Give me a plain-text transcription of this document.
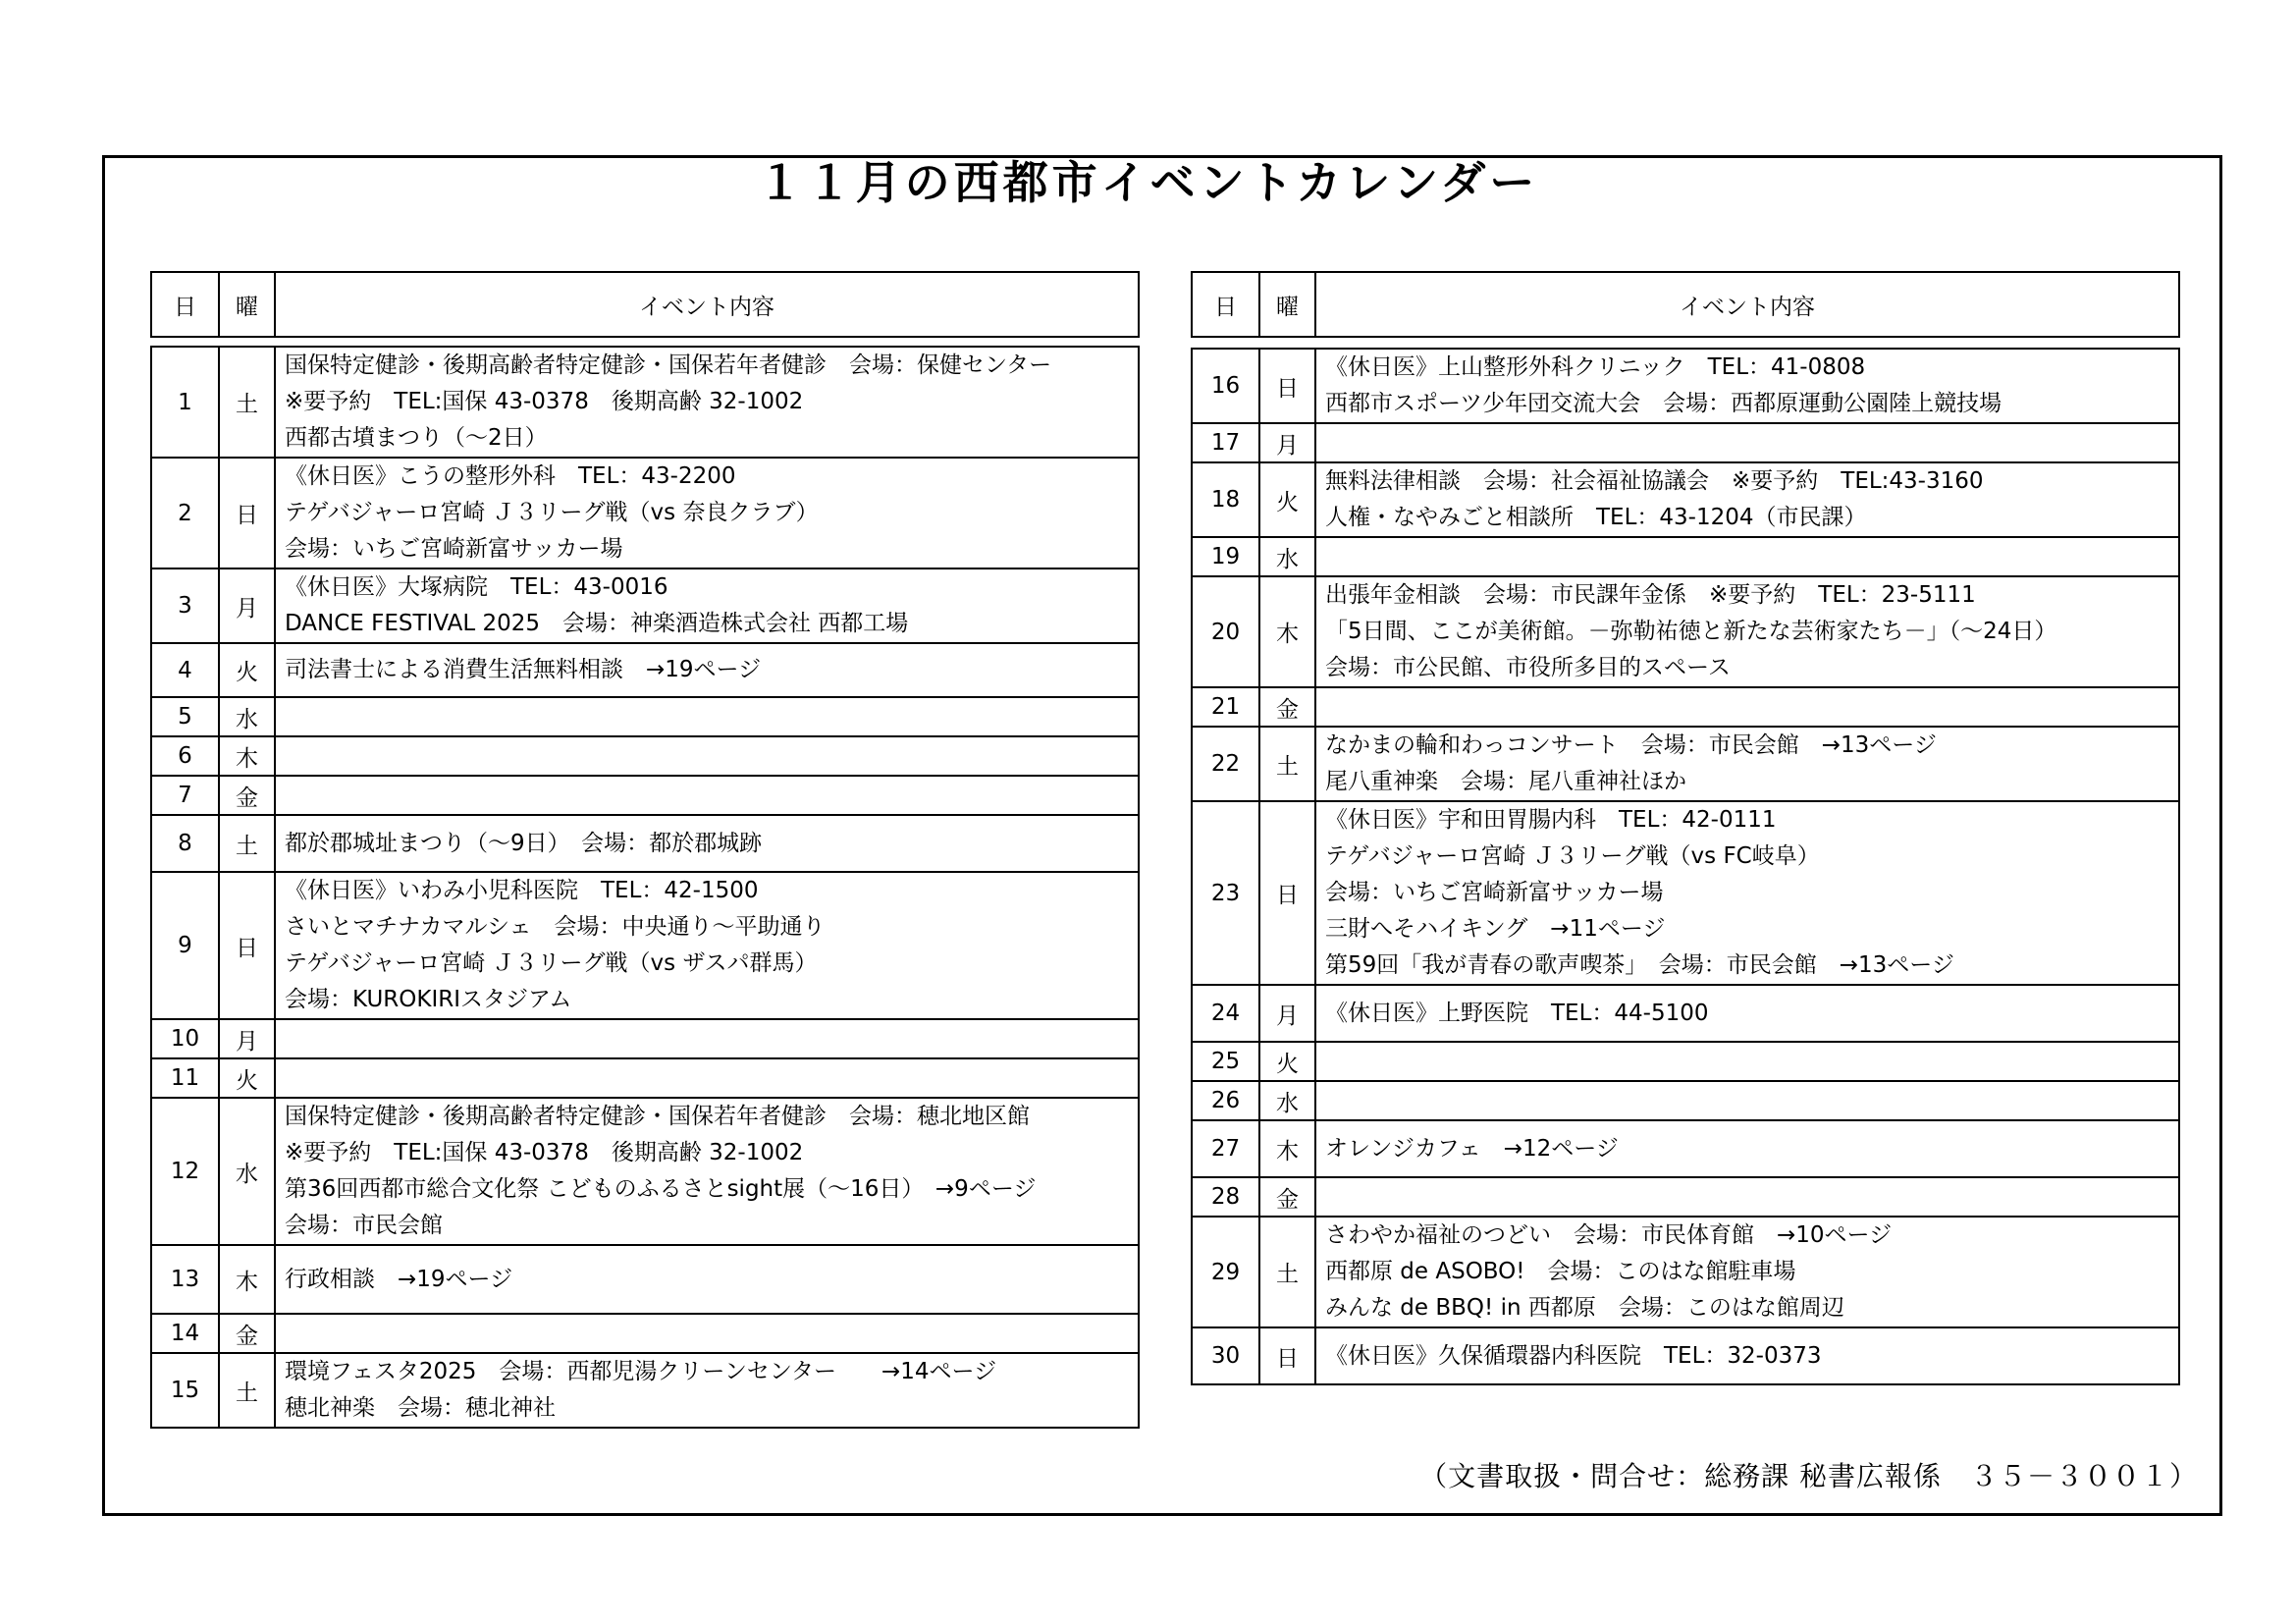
１１月の西都市イベントカレンダー
日	曜	イベント内容

1	土	国保特定健診・後期高齢者特定健診・国保若年者健診　会場：保健センター
※要予約　TEL:国保 43-0378　後期高齢 32-1002
西都古墳まつり（～2日）

2	日	《休日医》こうの整形外科　TEL：43-2200
テゲバジャーロ宮崎 Ｊ３リーグ戦（vs 奈良クラブ）
会場：いちご宮崎新富サッカー場

3	月	《休日医》大塚病院　TEL：43-0016
DANCE FESTIVAL 2025　会場：神楽酒造株式会社 西都工場

4	火	司法書士による消費生活無料相談　→19ページ

5	水	
6	木	
7	金	
8	土	都於郡城址まつり（～9日）　会場：都於郡城跡

9	日	《休日医》いわみ小児科医院　TEL：42-1500
さいとマチナカマルシェ　会場：中央通り～平助通り
テゲバジャーロ宮崎 Ｊ３リーグ戦（vs ザスパ群馬）
会場：KUROKIRIスタジアム

10	月	
11	火	
12	水	国保特定健診・後期高齢者特定健診・国保若年者健診　会場：穂北地区館
※要予約　TEL:国保 43-0378　後期高齢 32-1002
第36回西都市総合文化祭 こどものふるさとsight展（～16日）　→9ページ
会場：市民会館

13	木	行政相談　→19ページ

14	金	
15	土	環境フェスタ2025　会場：西都児湯クリーンセンター　　→14ページ
穂北神楽　会場：穂北神社
日	曜	イベント内容

16	日	《休日医》上山整形外科クリニック　TEL：41-0808
西都市スポーツ少年団交流大会　会場：西都原運動公園陸上競技場

17	月	
18	火	無料法律相談　会場：社会福祉協議会　※要予約　TEL:43-3160
人権・なやみごと相談所　TEL：43-1204（市民課）

19	水	
20	木	出張年金相談　会場：市民課年金係　※要予約　TEL：23-5111
「5日間、ここが美術館。－弥勒祐徳と新たな芸術家たち－」（～24日）
会場：市公民館、市役所多目的スペース

21	金	
22	土	なかまの輪和わっコンサート　会場：市民会館　→13ページ
尾八重神楽　会場：尾八重神社ほか

23	日	《休日医》宇和田胃腸内科　TEL：42-0111
テゲバジャーロ宮崎 Ｊ３リーグ戦（vs FC岐阜）
会場：いちご宮崎新富サッカー場
三財へそハイキング　→11ページ
第59回「我が青春の歌声喫茶」　会場：市民会館　→13ページ

24	月	《休日医》上野医院　TEL：44-5100

25	火	
26	水	
27	木	オレンジカフェ　→12ページ

28	金	
29	土	さわやか福祉のつどい　会場：市民体育館　→10ページ
西都原 de ASOBO!　会場：このはな館駐車場
みんな de BBQ! in 西都原　会場：このはな館周辺

30	日	《休日医》久保循環器内科医院　TEL：32-0373
（文書取扱・問合せ：総務課 秘書広報係　３５－３００１）
